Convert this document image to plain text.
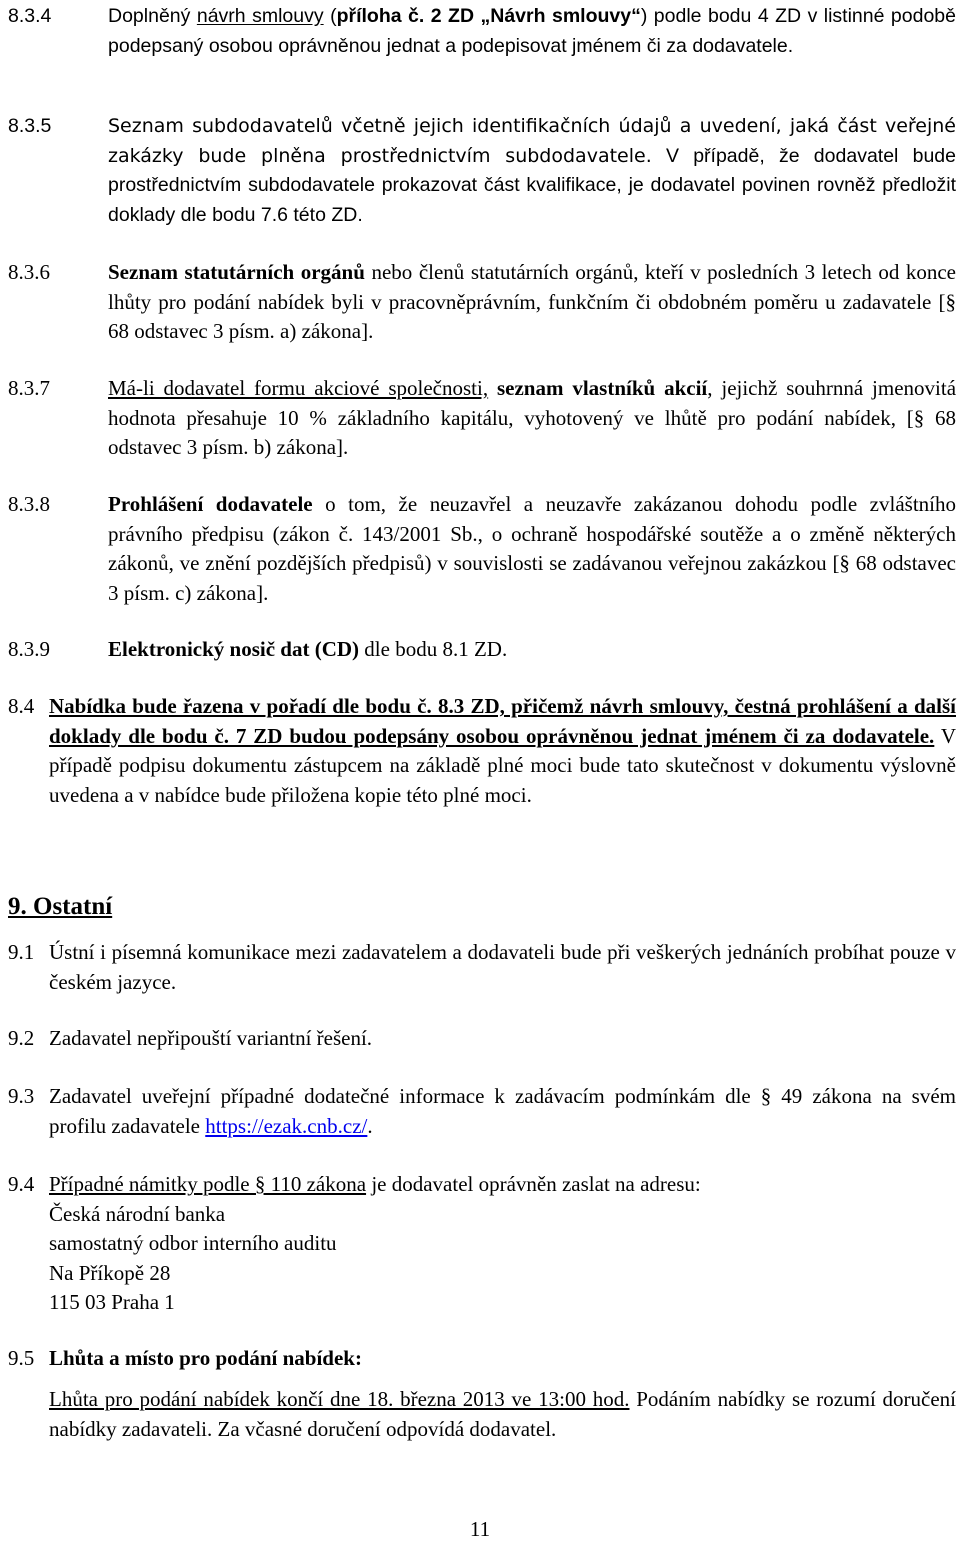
8.3.4	Doplněný návrh smlouvy (příloha č. 2 ZD „Návrh smlouvy“) podle bodu 4 ZD v listinné podobě podepsaný osobou oprávněnou jednat a podepisovat jménem či za dodavatele.
8.3.5	Seznam subdodavatelů včetně jejich identifikačních údajů a uvedení, jaká část veřejné zakázky bude plněna prostřednictvím subdodavatele. V případě, že dodavatel bude prostřednictvím subdodavatele prokazovat část kvalifikace, je dodavatel povinen rovněž předložit doklady dle bodu 7.6 této ZD.
8.3.6	Seznam statutárních orgánů nebo členů statutárních orgánů, kteří v posledních 3 letech od konce lhůty pro podání nabídek byli v pracovněprávním, funkčním či obdobném poměru u zadavatele [§ 68 odstavec 3 písm. a) zákona].
8.3.7	Má-li dodavatel formu akciové společnosti, seznam vlastníků akcií, jejichž souhrnná jmenovitá hodnota přesahuje 10 % základního kapitálu, vyhotovený ve lhůtě pro podání nabídek, [§ 68 odstavec 3 písm. b) zákona].
8.3.8	Prohlášení dodavatele o tom, že neuzavřel a neuzavře zakázanou dohodu podle zvláštního právního předpisu (zákon č. 143/2001 Sb., o ochraně hospodářské soutěže a o změně některých zákonů, ve znění pozdějších předpisů) v souvislosti se zadávanou veřejnou zakázkou [§ 68 odstavec 3 písm. c) zákona].
8.3.9	Elektronický nosič dat (CD) dle bodu 8.1 ZD.
8.4 Nabídka bude řazena v pořadí dle bodu č. 8.3 ZD, přičemž návrh smlouvy, čestná prohlášení a další doklady dle bodu č. 7 ZD budou podepsány osobou oprávněnou jednat jménem či za dodavatele. V případě podpisu dokumentu zástupcem na základě plné moci bude tato skutečnost v dokumentu výslovně uvedena a v nabídce bude přiložena kopie této plné moci.
9. Ostatní
9.1 Ústní i písemná komunikace mezi zadavatelem a dodavateli bude při veškerých jednáních probíhat pouze v českém jazyce.
9.2 Zadavatel nepřipouští variantní řešení.
9.3 Zadavatel uveřejní případné dodatečné informace k zadávacím podmínkám dle § 49 zákona na svém profilu zadavatele https://ezak.cnb.cz/.
9.4 Případné námitky podle § 110 zákona je dodavatel oprávněn zaslat na adresu:
Česká národní banka
samostatný odbor interního auditu
Na Příkopě 28
115 03 Praha 1
9.5 Lhůta a místo pro podání nabídek:
Lhůta pro podání nabídek končí dne 18. března 2013 ve 13:00 hod. Podáním nabídky se rozumí doručení nabídky zadavateli. Za včasné doručení odpovídá dodavatel.
11
